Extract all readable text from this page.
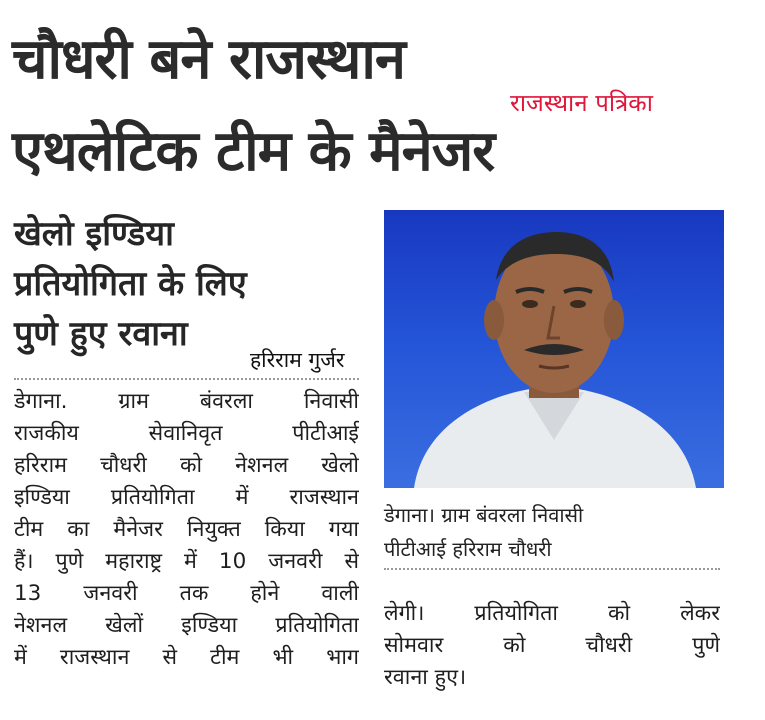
चौधरी बने राजस्थान
एथलेटिक टीम के मैनेजर
राजस्थान पत्रिका
खेलो इण्डिया
प्रतियोगिता के लिए
पुणे हुए रवाना
हरिराम गुर्जर
डेगाना. ग्राम बंवरला निवासी
राजकीय सेवानिवृत पीटीआई
हरिराम चौधरी को नेशनल खेलो
इण्डिया प्रतियोगिता में राजस्थान
टीम का मैनेजर नियुक्त किया गया
हैं। पुणे महाराष्ट्र में 10 जनवरी से
13 जनवरी तक होने वाली
नेशनल खेलों इण्डिया प्रतियोगिता
में राजस्थान से टीम भी भाग
डेगाना। ग्राम बंवरला निवासी
पीटीआई हरिराम चौधरी
लेगी। प्रतियोगिता को लेकर
सोमवार को चौधरी पुणे
रवाना हुए।
